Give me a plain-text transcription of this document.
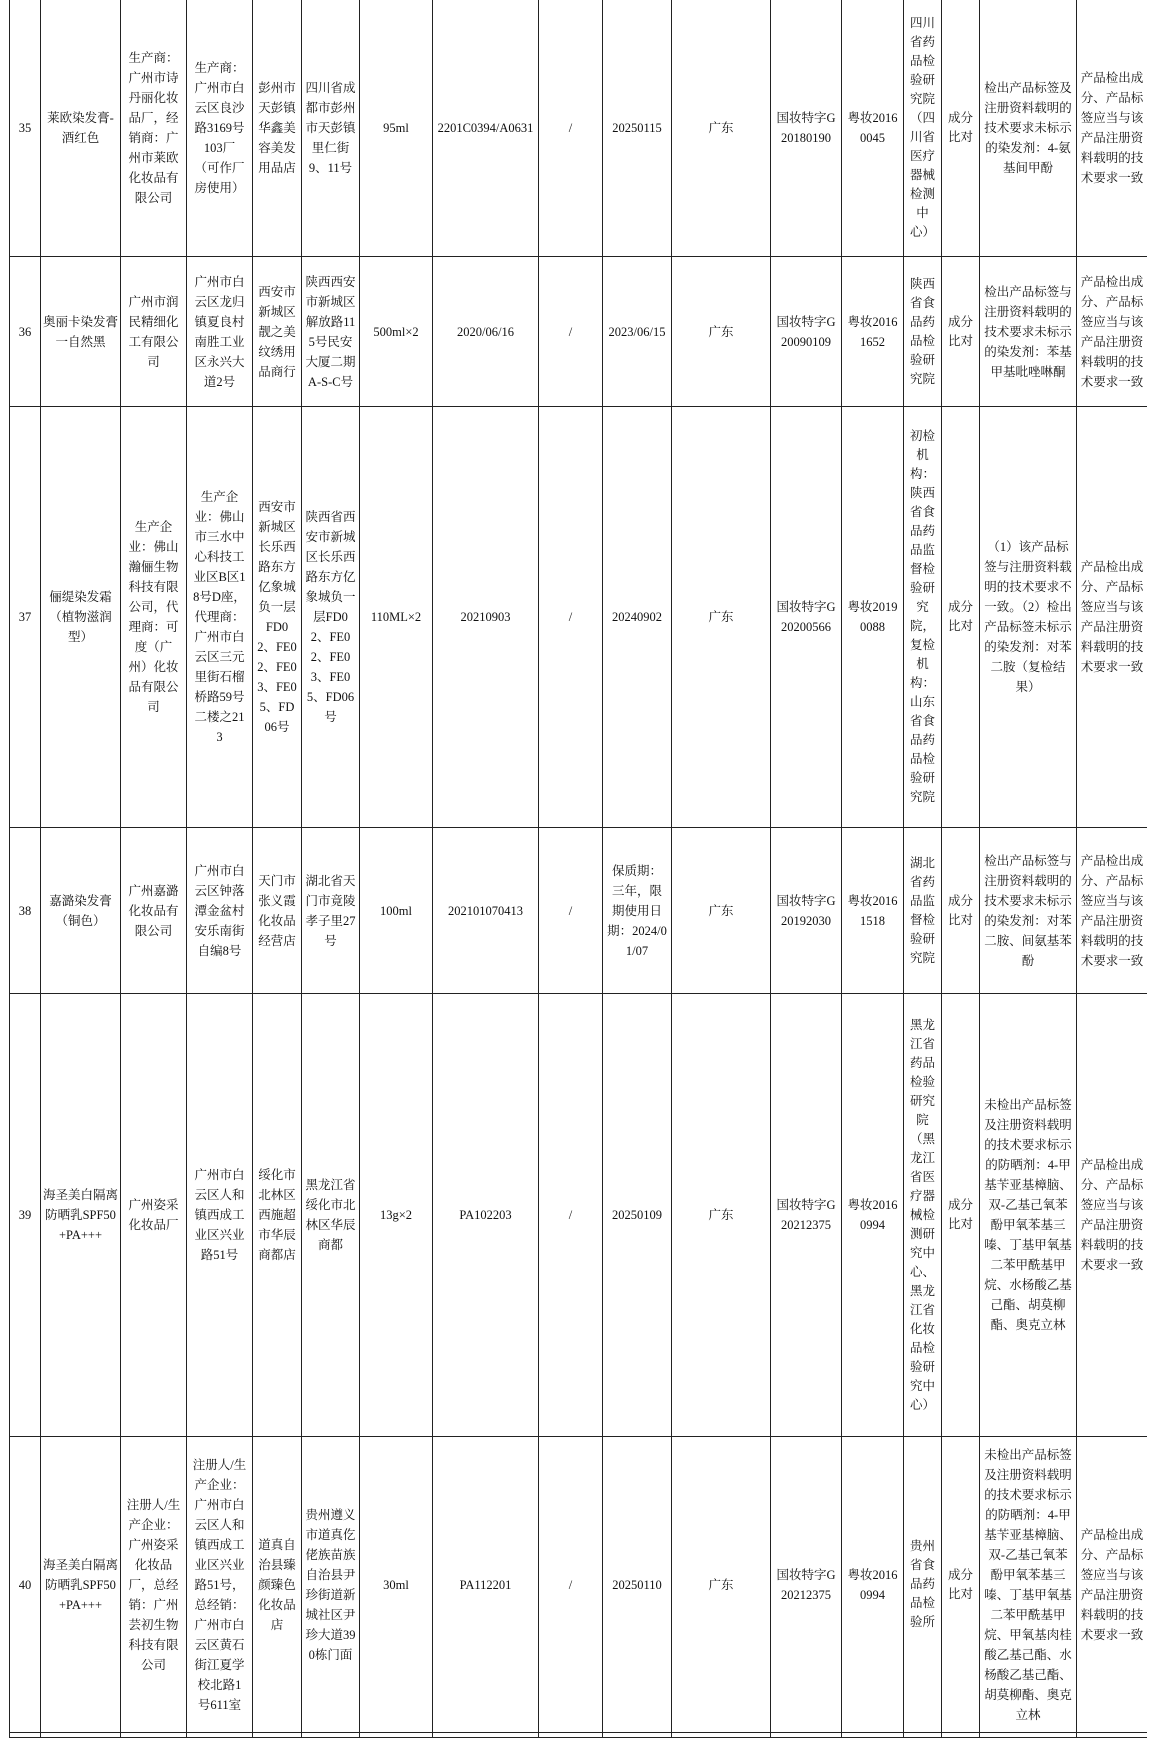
35	莱欧染发膏-酒红色	生产商：广州市诗丹丽化妆品厂，经销商：广州市莱欧化妆品有限公司	生产商：广州市白云区良沙路3169号103厂（可作厂房使用）	彭州市天彭镇华鑫美容美发用品店	四川省成都市彭州市天彭镇里仁街9、11号	95ml	2201C0394/A0631	/	20250115	广东	国妆特字G20180190	粤妆20160045	四川省药品检验研究院（四川省医疗器械检测中心）	成分比对	检出产品标签及注册资料载明的技术要求未标示的染发剂：4-氨基间甲酚	产品检出成分、产品标签应当与该产品注册资料载明的技术要求一致
36	奥丽卡染发膏一自然黑	广州市润民精细化工有限公司	广州市白云区龙归镇夏良村南胜工业区永兴大道2号	西安市新城区靓之美纹绣用品商行	陕西西安市新城区解放路115号民安大厦二期A-S-C号	500ml×2	2020/06/16	/	2023/06/15	广东	国妆特字G20090109	粤妆20161652	陕西省食品药品检验研究院	成分比对	检出产品标签与注册资料载明的技术要求未标示的染发剂：苯基甲基吡唑啉酮	产品检出成分、产品标签应当与该产品注册资料载明的技术要求一致
37	俪缇染发霜（植物滋润型）	生产企业：佛山瀚俪生物科技有限公司，代理商：可度（广州）化妆品有限公司	生产企业：佛山市三水中心科技工业区B区18号D座，代理商：广州市白云区三元里街石榴桥路59号二楼之213	西安市新城区长乐西路东方亿象城负一层FD02、FE02、FE03、FE05、FD06号	陕西省西安市新城区长乐西路东方亿象城负一层FD02、FE02、FE03、FE05、FD06号	110ML×2	20210903	/	20240902	广东	国妆特字G20200566	粤妆20190088	初检机构：陕西省食品药品监督检验研究院，复检机构：山东省食品药品检验研究院	成分比对	（1）该产品标签与注册资料载明的技术要求不一致。（2）检出产品标签未标示的染发剂：对苯二胺（复检结果）	产品检出成分、产品标签应当与该产品注册资料载明的技术要求一致
38	嘉潞染发膏（铜色）	广州嘉潞化妆品有限公司	广州市白云区钟落潭金盆村安乐南街自编8号	天门市张义霞化妆品经营店	湖北省天门市竟陵孝子里27号	100ml	202101070413	/	保质期：三年，限期使用日期：2024/01/07	广东	国妆特字G20192030	粤妆20161518	湖北省药品监督检验研究院	成分比对	检出产品标签与注册资料载明的技术要求未标示的染发剂：对苯二胺、间氨基苯酚	产品检出成分、产品标签应当与该产品注册资料载明的技术要求一致
39	海圣美白隔离防晒乳SPF50+PA+++	广州姿采化妆品厂	广州市白云区人和镇西成工业区兴业路51号	绥化市北林区西施超市华辰商都店	黑龙江省绥化市北林区华辰商都	13g×2	PA102203	/	20250109	广东	国妆特字G20212375	粤妆20160994	黑龙江省药品检验研究院（黑龙江省医疗器械检测研究中心、黑龙江省化妆品检验研究中心）	成分比对	未检出产品标签及注册资料载明的技术要求标示的防晒剂：4-甲基苄亚基樟脑、双-乙基己氧苯酚甲氧苯基三嗪、丁基甲氧基二苯甲酰基甲烷、水杨酸乙基己酯、胡莫柳酯、奥克立林	产品检出成分、产品标签应当与该产品注册资料载明的技术要求一致
40	海圣美白隔离防晒乳SPF50+PA+++	注册人/生产企业：广州姿采化妆品厂，总经销：广州芸初生物科技有限公司	注册人/生产企业：广州市白云区人和镇西成工业区兴业路51号，总经销：广州市白云区黄石街江夏学校北路1号611室	道真自治县臻颜臻色化妆品店	贵州遵义市道真仡佬族苗族自治县尹珍街道新城社区尹珍大道390栋门面	30ml	PA112201	/	20250110	广东	国妆特字G20212375	粤妆20160994	贵州省食品药品检验所	成分比对	未检出产品标签及注册资料载明的技术要求标示的防晒剂：4-甲基苄亚基樟脑、双-乙基己氧苯酚甲氧苯基三嗪、丁基甲氧基二苯甲酰基甲烷、甲氧基肉桂酸乙基己酯、水杨酸乙基己酯、胡莫柳酯、奥克立林	产品检出成分、产品标签应当与该产品注册资料载明的技术要求一致
